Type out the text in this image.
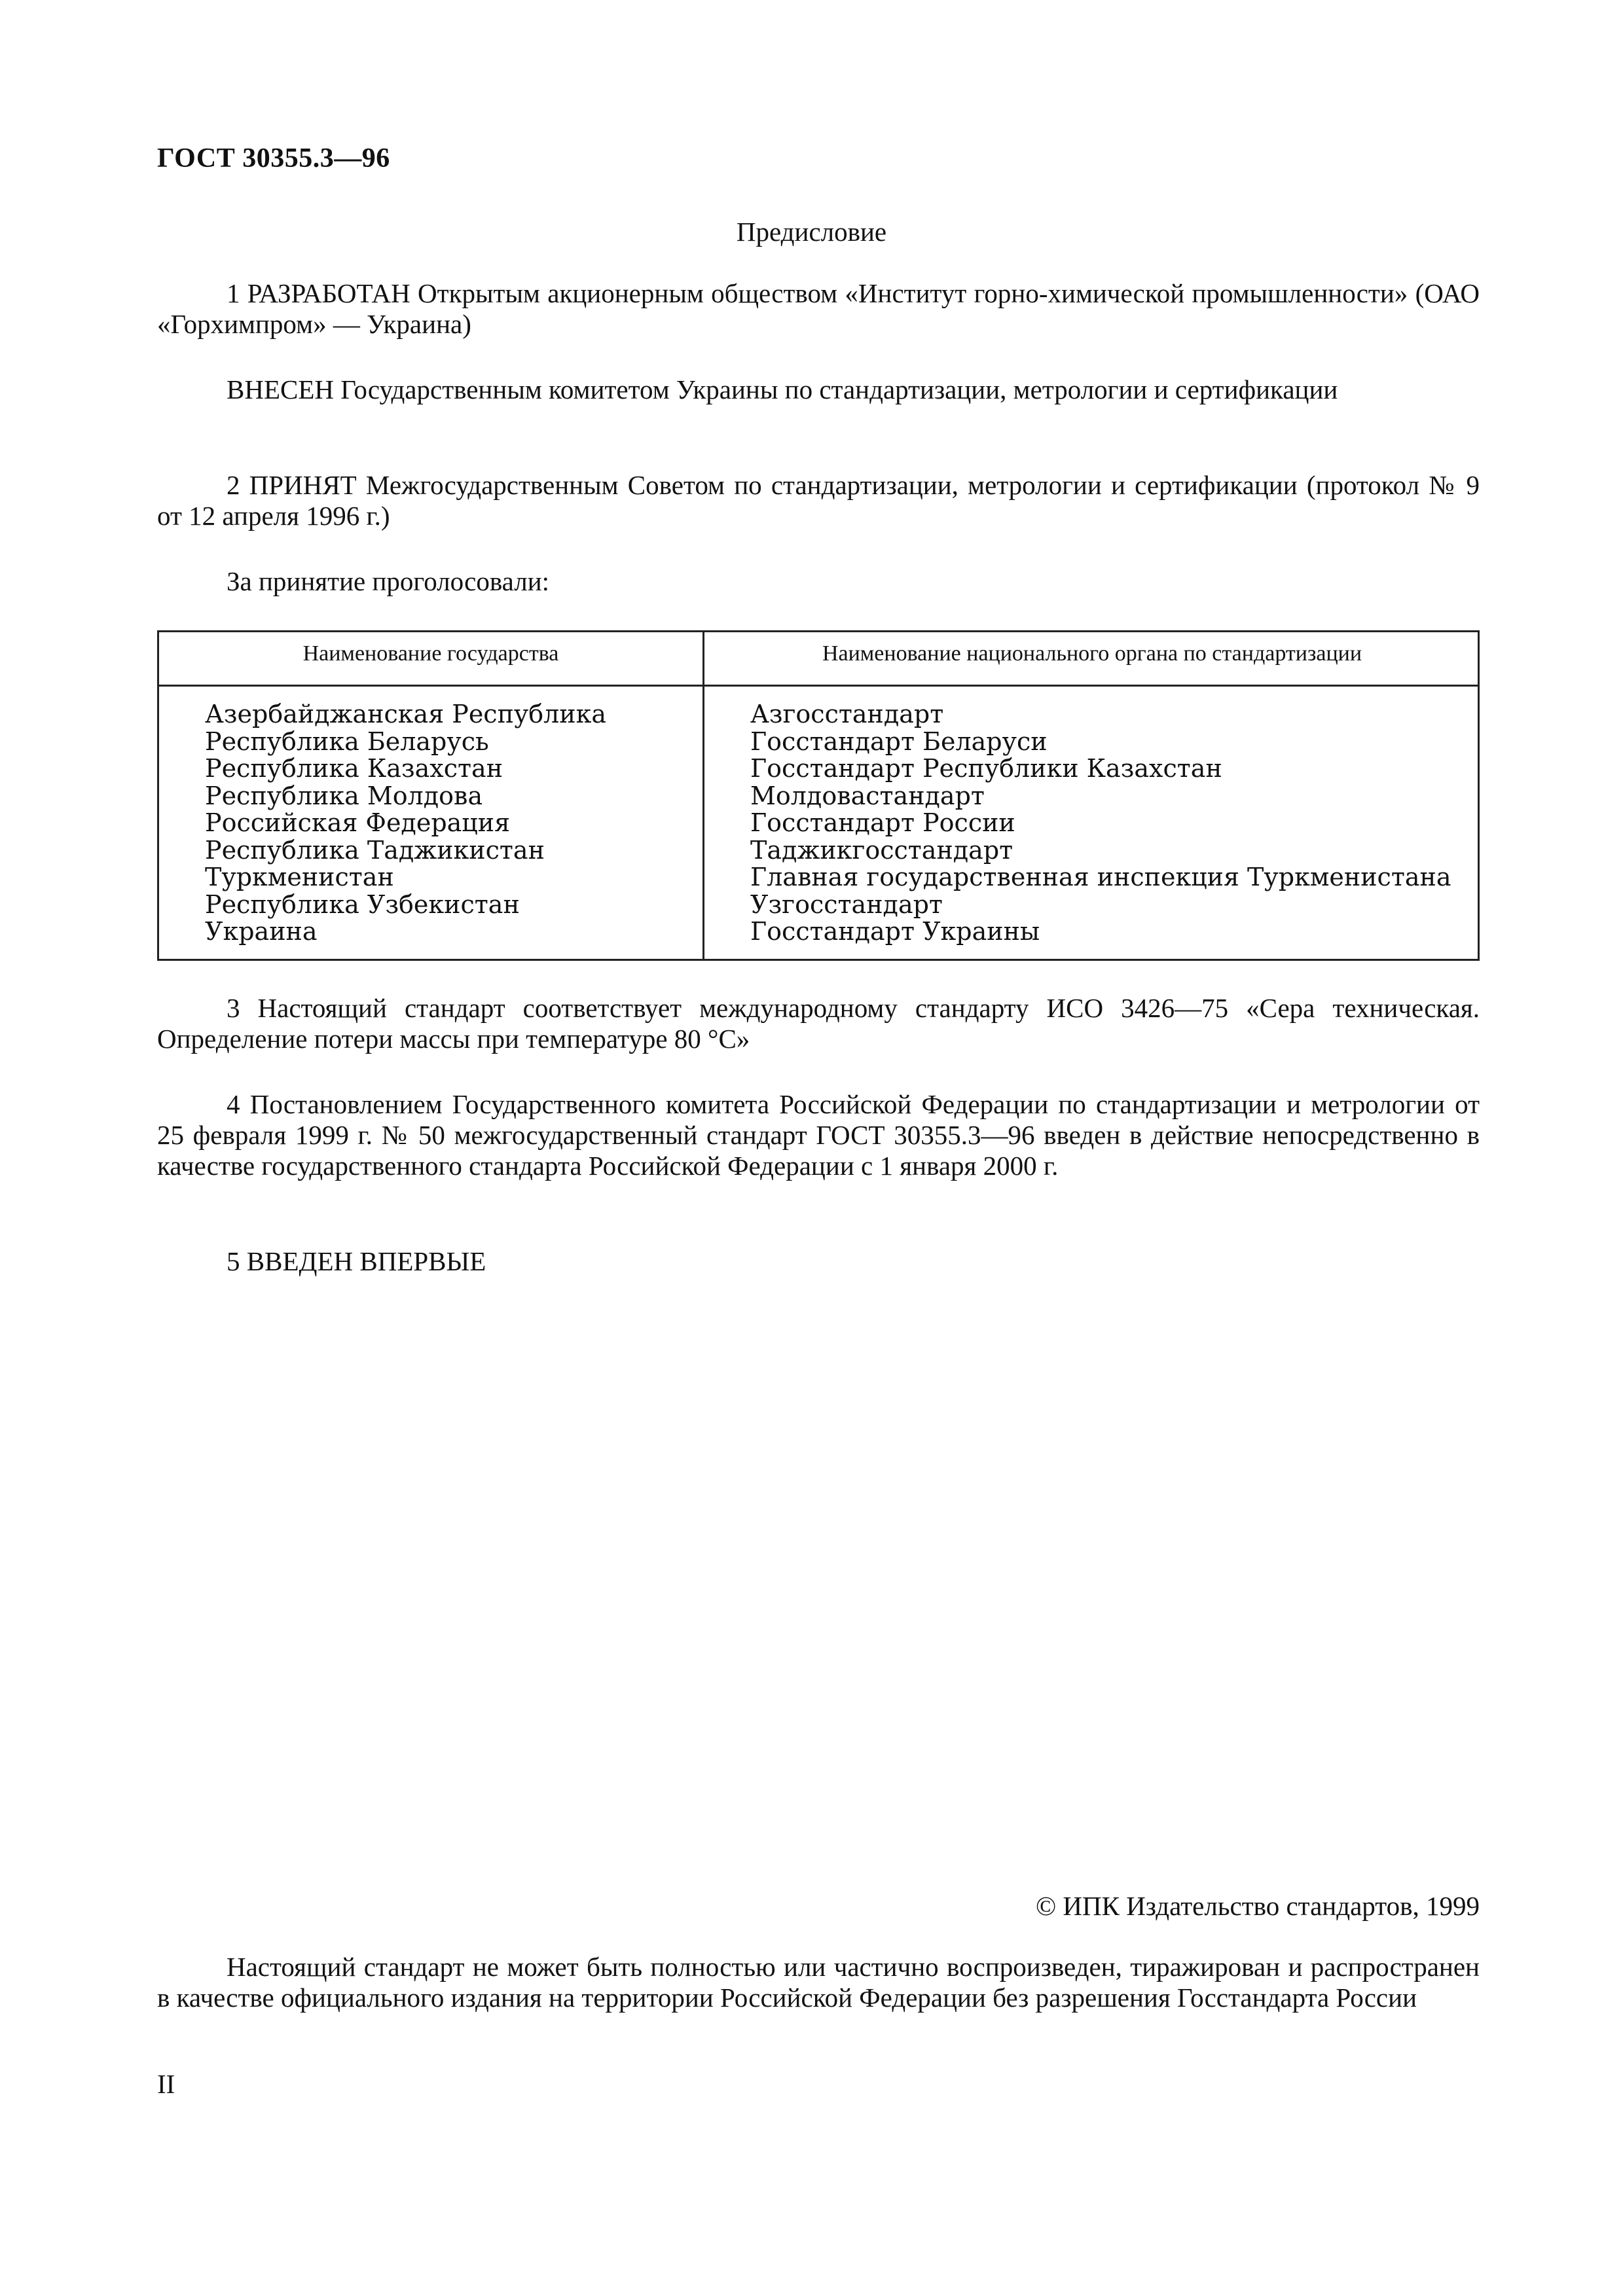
ГОСТ 30355.3—96
Предисловие

1 РАЗРАБОТАН Открытым акционерным обществом «Институт горно-химической промышленности» (ОАО «Горхимпром» — Украина)

ВНЕСЕН Государственным комитетом Украины по стандартизации, метрологии и сертификации

2 ПРИНЯТ Межгосударственным Советом по стандартизации, метрологии и сертификации (протокол № 9 от 12 апреля 1996 г.)

За принятие проголосовали:

Наименование государства	Наименование национального органа по стандартизации
Азербайджанская Республика
Республика Беларусь
Республика Казахстан
Республика Молдова
Российская Федерация
Республика Таджикистан
Туркменистан
Республика Узбекистан
Украина
Азгосстандарт
Госстандарт Беларуси
Госстандарт Республики Казахстан
Молдовастандарт
Госстандарт России
Таджикгосстандарт
Главная государственная инспекция Туркменистана
Узгосстандарт
Госстандарт Украины

3 Настоящий стандарт соответствует международному стандарту ИСО 3426—75 «Сера техническая. Определение потери массы при температуре 80 °С»

4 Постановлением Государственного комитета Российской Федерации по стандартизации и метрологии от 25 февраля 1999 г. № 50 межгосударственный стандарт ГОСТ 30355.3—96 введен в действие непосредственно в качестве государственного стандарта Российской Федерации с 1 января 2000 г.

5 ВВЕДЕН ВПЕРВЫЕ

© ИПК Издательство стандартов, 1999

Настоящий стандарт не может быть полностью или частично воспроизведен, тиражирован и распространен в качестве официального издания на территории Российской Федерации без разрешения Госстандарта России

II
